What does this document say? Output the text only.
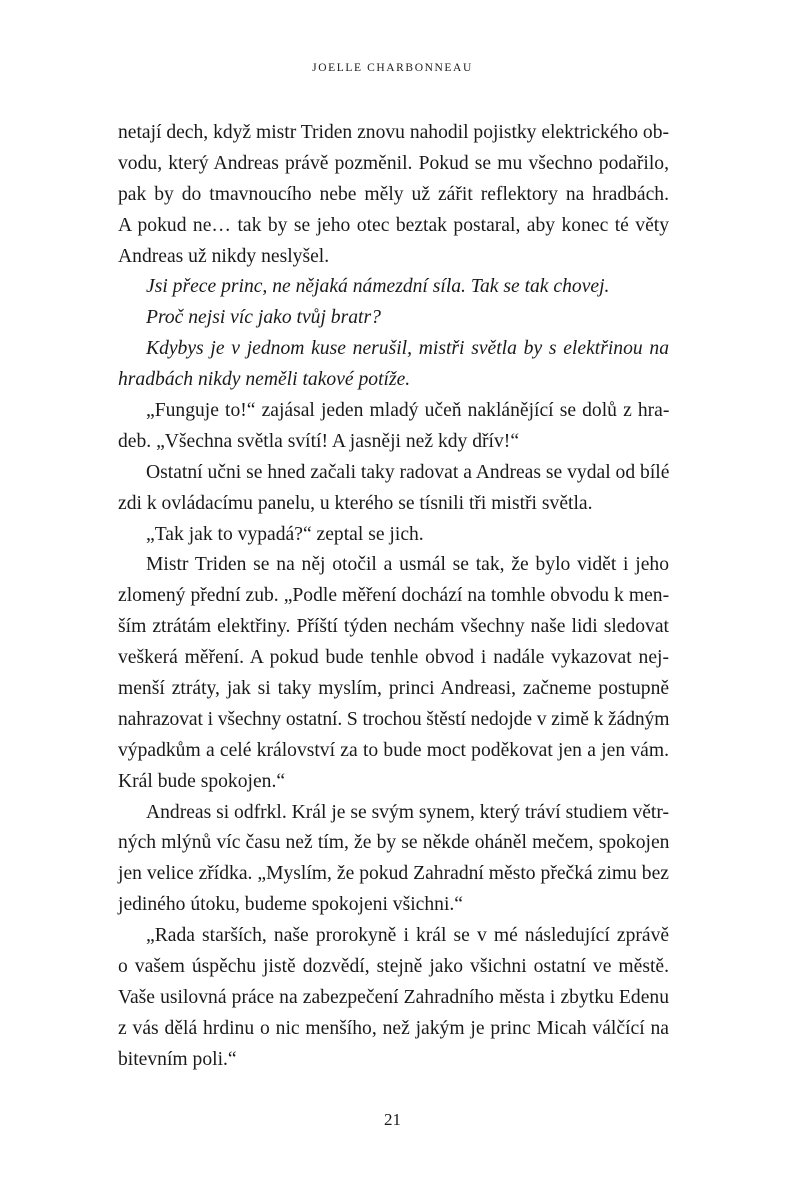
JOELLE CHARBONNEAU
netají dech, když mistr Triden znovu nahodil pojistky elektrického ob-
vodu, který Andreas právě pozměnil. Pokud se mu všechno podařilo,
pak by do tmavnoucího nebe měly už zářit reflektory na hradbách.
A pokud ne… tak by se jeho otec beztak postaral, aby konec té věty
Andreas už nikdy neslyšel.
Jsi přece princ, ne nějaká námezdní síla. Tak se tak chovej.
Proč nejsi víc jako tvůj bratr?
Kdybys je v jednom kuse nerušil, mistři světla by s elektřinou na
hradbách nikdy neměli takové potíže.
„Funguje to!“ zajásal jeden mladý učeň naklánějící se dolů z hra-
deb. „Všechna světla svítí! A jasněji než kdy dřív!“
Ostatní učni se hned začali taky radovat a Andreas se vydal od bílé
zdi k ovládacímu panelu, u kterého se tísnili tři mistři světla.
„Tak jak to vypadá?“ zeptal se jich.
Mistr Triden se na něj otočil a usmál se tak, že bylo vidět i jeho
zlomený přední zub. „Podle měření dochází na tomhle obvodu k men-
ším ztrátám elektřiny. Příští týden nechám všechny naše lidi sledovat
veškerá měření. A pokud bude tenhle obvod i nadále vykazovat nej-
menší ztráty, jak si taky myslím, princi Andreasi, začneme postupně
nahrazovat i všechny ostatní. S trochou štěstí nedojde v zimě k žádným
výpadkům a celé království za to bude moct poděkovat jen a jen vám.
Král bude spokojen.“
Andreas si odfrkl. Král je se svým synem, který tráví studiem větr-
ných mlýnů víc času než tím, že by se někde oháněl mečem, spokojen
jen velice zřídka. „Myslím, že pokud Zahradní město přečká zimu bez
jediného útoku, budeme spokojeni všichni.“
„Rada starších, naše prorokyně i král se v mé následující zprávě
o vašem úspěchu jistě dozvědí, stejně jako všichni ostatní ve městě.
Vaše usilovná práce na zabezpečení Zahradního města i zbytku Edenu
z vás dělá hrdinu o nic menšího, než jakým je princ Micah válčící na
bitevním poli.“
21
